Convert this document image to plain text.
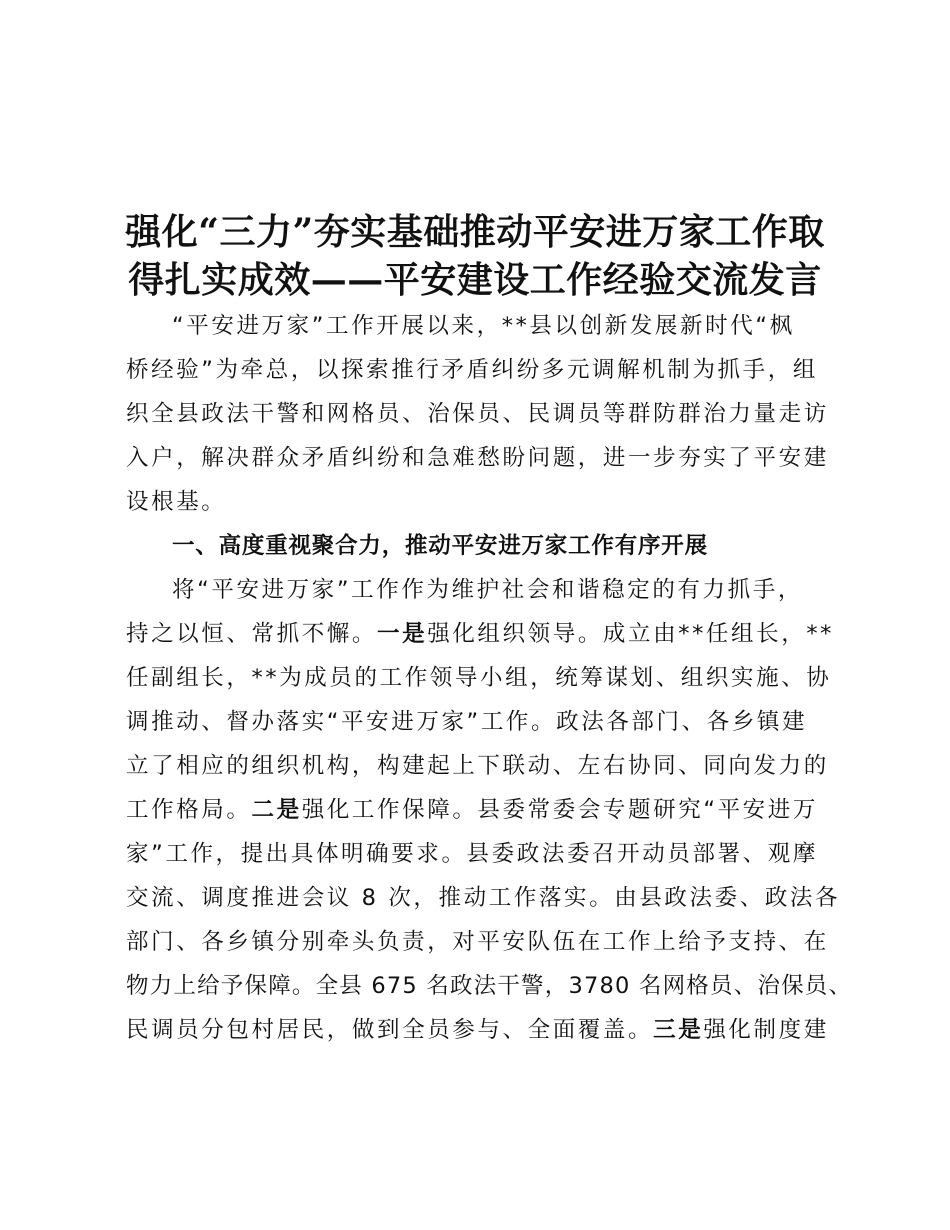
强化“三力”夯实基础推动平安进万家工作取
得扎实成效——平安建设工作经验交流发言
“平安进万家”工作开展以来，**县以创新发展新时代“枫
桥经验”为牵总，以探索推行矛盾纠纷多元调解机制为抓手，组
织全县政法干警和网格员、治保员、民调员等群防群治力量走访
入户，解决群众矛盾纠纷和急难愁盼问题，进一步夯实了平安建
设根基。
一、高度重视聚合力，推动平安进万家工作有序开展
将“平安进万家”工作作为维护社会和谐稳定的有力抓手，
持之以恒、常抓不懈。一是强化组织领导。成立由**任组长，**
任副组长，**为成员的工作领导小组，统筹谋划、组织实施、协
调推动、督办落实“平安进万家”工作。政法各部门、各乡镇建
立了相应的组织机构，构建起上下联动、左右协同、同向发力的
工作格局。二是强化工作保障。县委常委会专题研究“平安进万
家”工作，提出具体明确要求。县委政法委召开动员部署、观摩
交流、调度推进会议 8 次，推动工作落实。由县政法委、政法各
部门、各乡镇分别牵头负责，对平安队伍在工作上给予支持、在
物力上给予保障。全县 675 名政法干警，3780 名网格员、治保员、
民调员分包村居民，做到全员参与、全面覆盖。三是强化制度建
